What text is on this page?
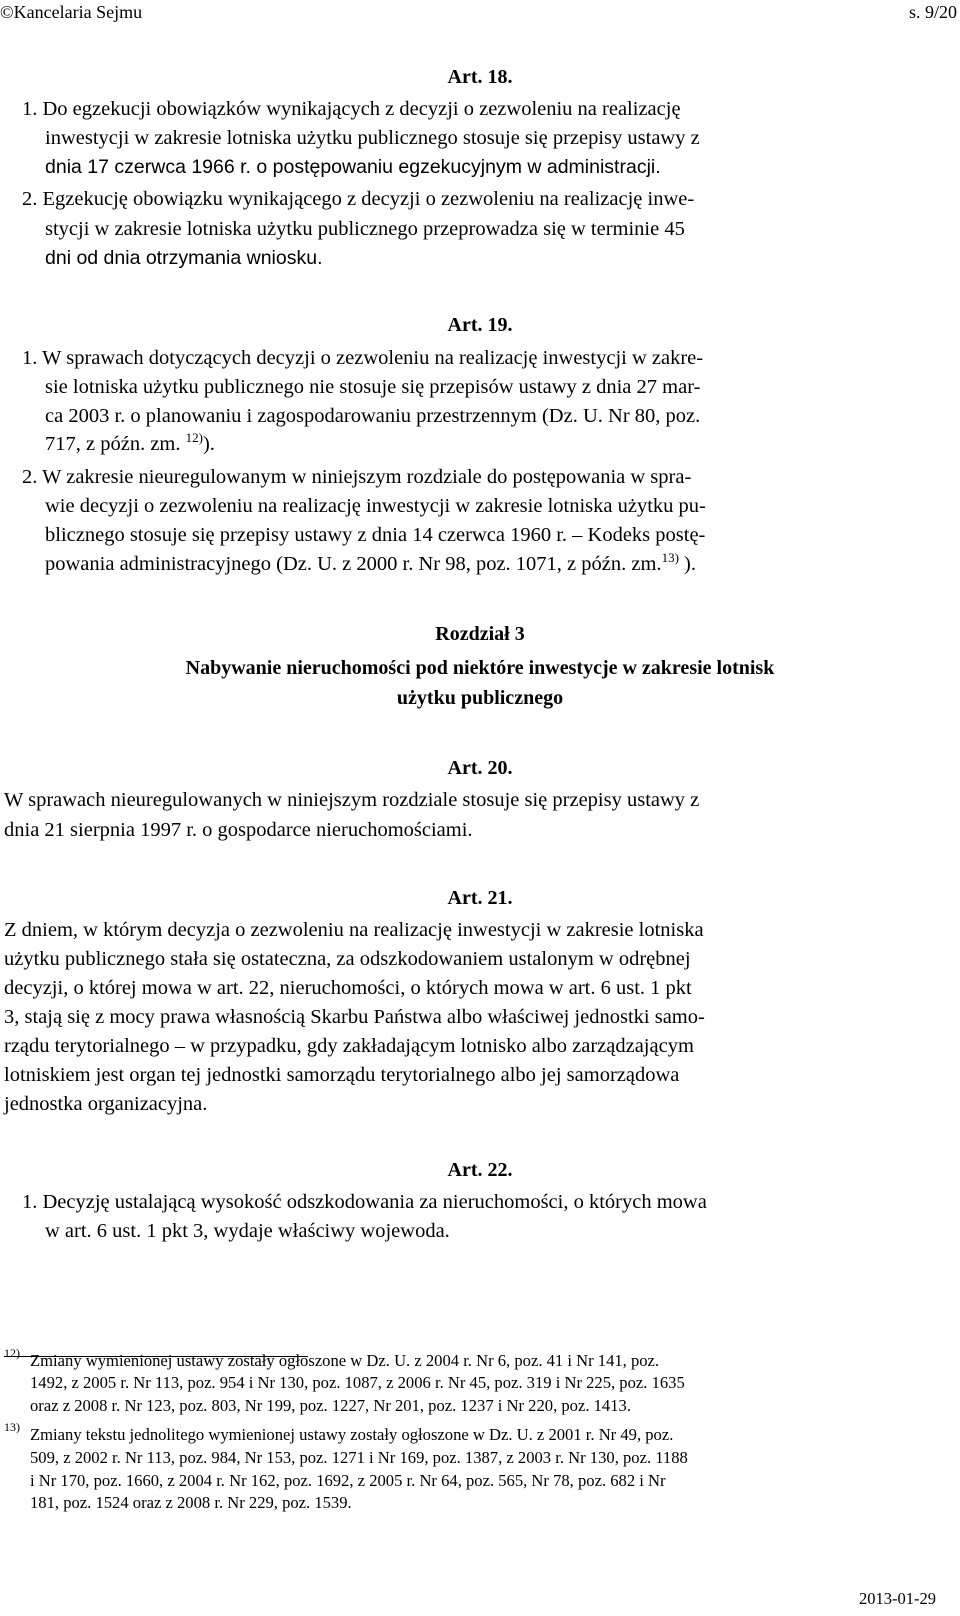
©Kancelaria Sejmu	s. 9/20
Art. 18.
1. Do egzekucji obowiązków wynikających z decyzji o zezwoleniu na realizację
inwestycji w zakresie lotniska użytku publicznego stosuje się przepisy ustawy z
dnia 17 czerwca 1966 r. o postępowaniu egzekucyjnym w administracji.
2. Egzekucję obowiązku wynikającego z decyzji o zezwoleniu na realizację inwe-
stycji w zakresie lotniska użytku publicznego przeprowadza się w terminie 45
dni od dnia otrzymania wniosku.
Art. 19.
1. W sprawach dotyczących decyzji o zezwoleniu na realizację inwestycji w zakre-
sie lotniska użytku publicznego nie stosuje się przepisów ustawy z dnia 27 mar-
ca 2003 r. o planowaniu i zagospodarowaniu przestrzennym (Dz. U. Nr 80, poz.
717, z późn. zm. $^{12)}$).
2. W zakresie nieuregulowanym w niniejszym rozdziale do postępowania w spra-
wie decyzji o zezwoleniu na realizację inwestycji w zakresie lotniska użytku pu-
blicznego stosuje się przepisy ustawy z dnia 14 czerwca 1960 r. – Kodeks postę-
powania administracyjnego (Dz. U. z 2000 r. Nr 98, poz. 1071, z późn. zm.$^{13)}$ ).
Rozdział 3
Nabywanie nieruchomości pod niektóre inwestycje w zakresie lotnisk
użytku publicznego
Art. 20.
W sprawach nieuregulowanych w niniejszym rozdziale stosuje się przepisy ustawy z
dnia 21 sierpnia 1997 r. o gospodarce nieruchomościami.
Art. 21.
Z dniem, w którym decyzja o zezwoleniu na realizację inwestycji w zakresie lotniska
użytku publicznego stała się ostateczna, za odszkodowaniem ustalonym w odrębnej
decyzji, o której mowa w art. 22, nieruchomości, o których mowa w art. 6 ust. 1 pkt
3, stają się z mocy prawa własnością Skarbu Państwa albo właściwej jednostki samo-
rządu terytorialnego – w przypadku, gdy zakładającym lotnisko albo zarządzającym
lotniskiem jest organ tej jednostki samorządu terytorialnego albo jej samorządowa
jednostka organizacyjna.
Art. 22.
1. Decyzję ustalającą wysokość odszkodowania za nieruchomości, o których mowa
w art. 6 ust. 1 pkt 3, wydaje właściwy wojewoda.
12) Zmiany wymienionej ustawy zostały ogłoszone w Dz. U. z 2004 r. Nr 6, poz. 41 i Nr 141, poz.
1492, z 2005 r. Nr 113, poz. 954 i Nr 130, poz. 1087, z 2006 r. Nr 45, poz. 319 i Nr 225, poz. 1635
oraz z 2008 r. Nr 123, poz. 803, Nr 199, poz. 1227, Nr 201, poz. 1237 i Nr 220, poz. 1413.
13) Zmiany tekstu jednolitego wymienionej ustawy zostały ogłoszone w Dz. U. z 2001 r. Nr 49, poz.
509, z 2002 r. Nr 113, poz. 984, Nr 153, poz. 1271 i Nr 169, poz. 1387, z 2003 r. Nr 130, poz. 1188
i Nr 170, poz. 1660, z 2004 r. Nr 162, poz. 1692, z 2005 r. Nr 64, poz. 565, Nr 78, poz. 682 i Nr
181, poz. 1524 oraz z 2008 r. Nr 229, poz. 1539.
2013-01-29
